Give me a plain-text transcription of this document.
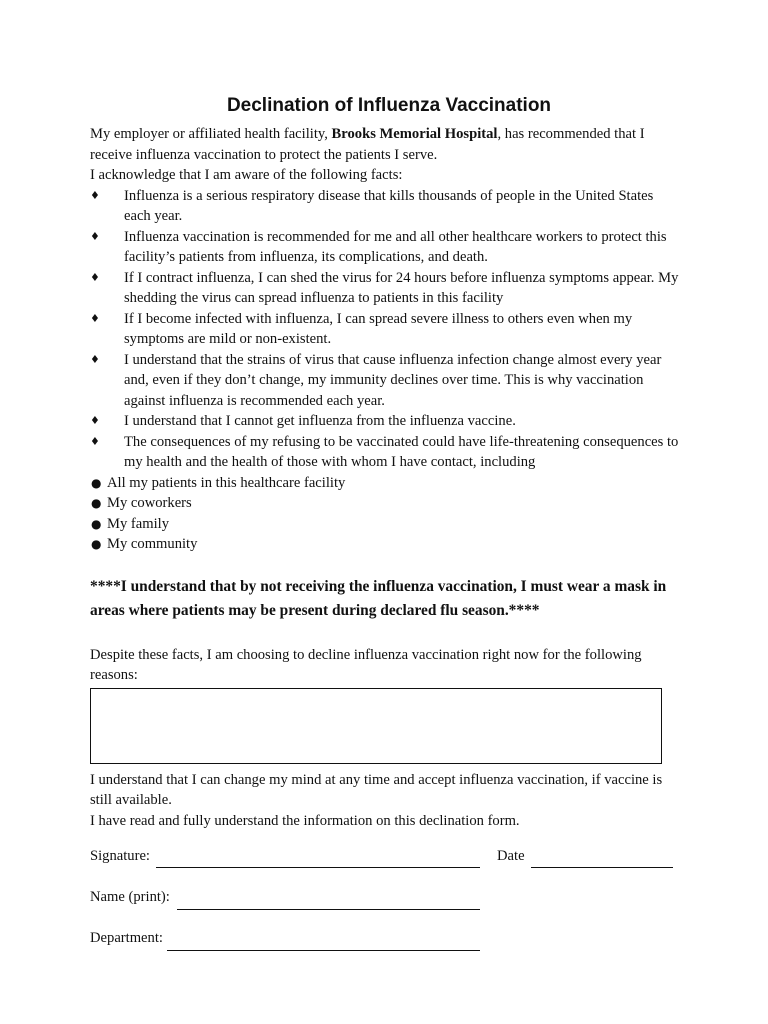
Declination of Influenza Vaccination

My employer or affiliated health facility, Brooks Memorial Hospital, has recommended that I receive influenza vaccination to protect the patients I serve.

I acknowledge that I am aware of the following facts:

♦ Influenza is a serious respiratory disease that kills thousands of people in the United States each year.
♦ Influenza vaccination is recommended for me and all other healthcare workers to protect this facility’s patients from influenza, its complications, and death.
♦ If I contract influenza, I can shed the virus for 24 hours before influenza symptoms appear. My shedding the virus can spread influenza to patients in this facility
♦ If I become infected with influenza, I can spread severe illness to others even when my symptoms are mild or non-existent.
♦ I understand that the strains of virus that cause influenza infection change almost every year and, even if they don’t change, my immunity declines over time. This is why vaccination against influenza is recommended each year.
♦ I understand that I cannot get influenza from the influenza vaccine.
♦ The consequences of my refusing to be vaccinated could have life-threatening consequences to my health and the health of those with whom I have contact, including
● All my patients in this healthcare facility
● My coworkers
● My family
● My community

****I understand that by not receiving the influenza vaccination, I must wear a mask in areas where patients may be present during declared flu season.****

Despite these facts, I am choosing to decline influenza vaccination right now for the following reasons:

I understand that I can change my mind at any time and accept influenza vaccination, if vaccine is still available.

I have read and fully understand the information on this declination form.

Signature:	Date
Name (print):
Department:
